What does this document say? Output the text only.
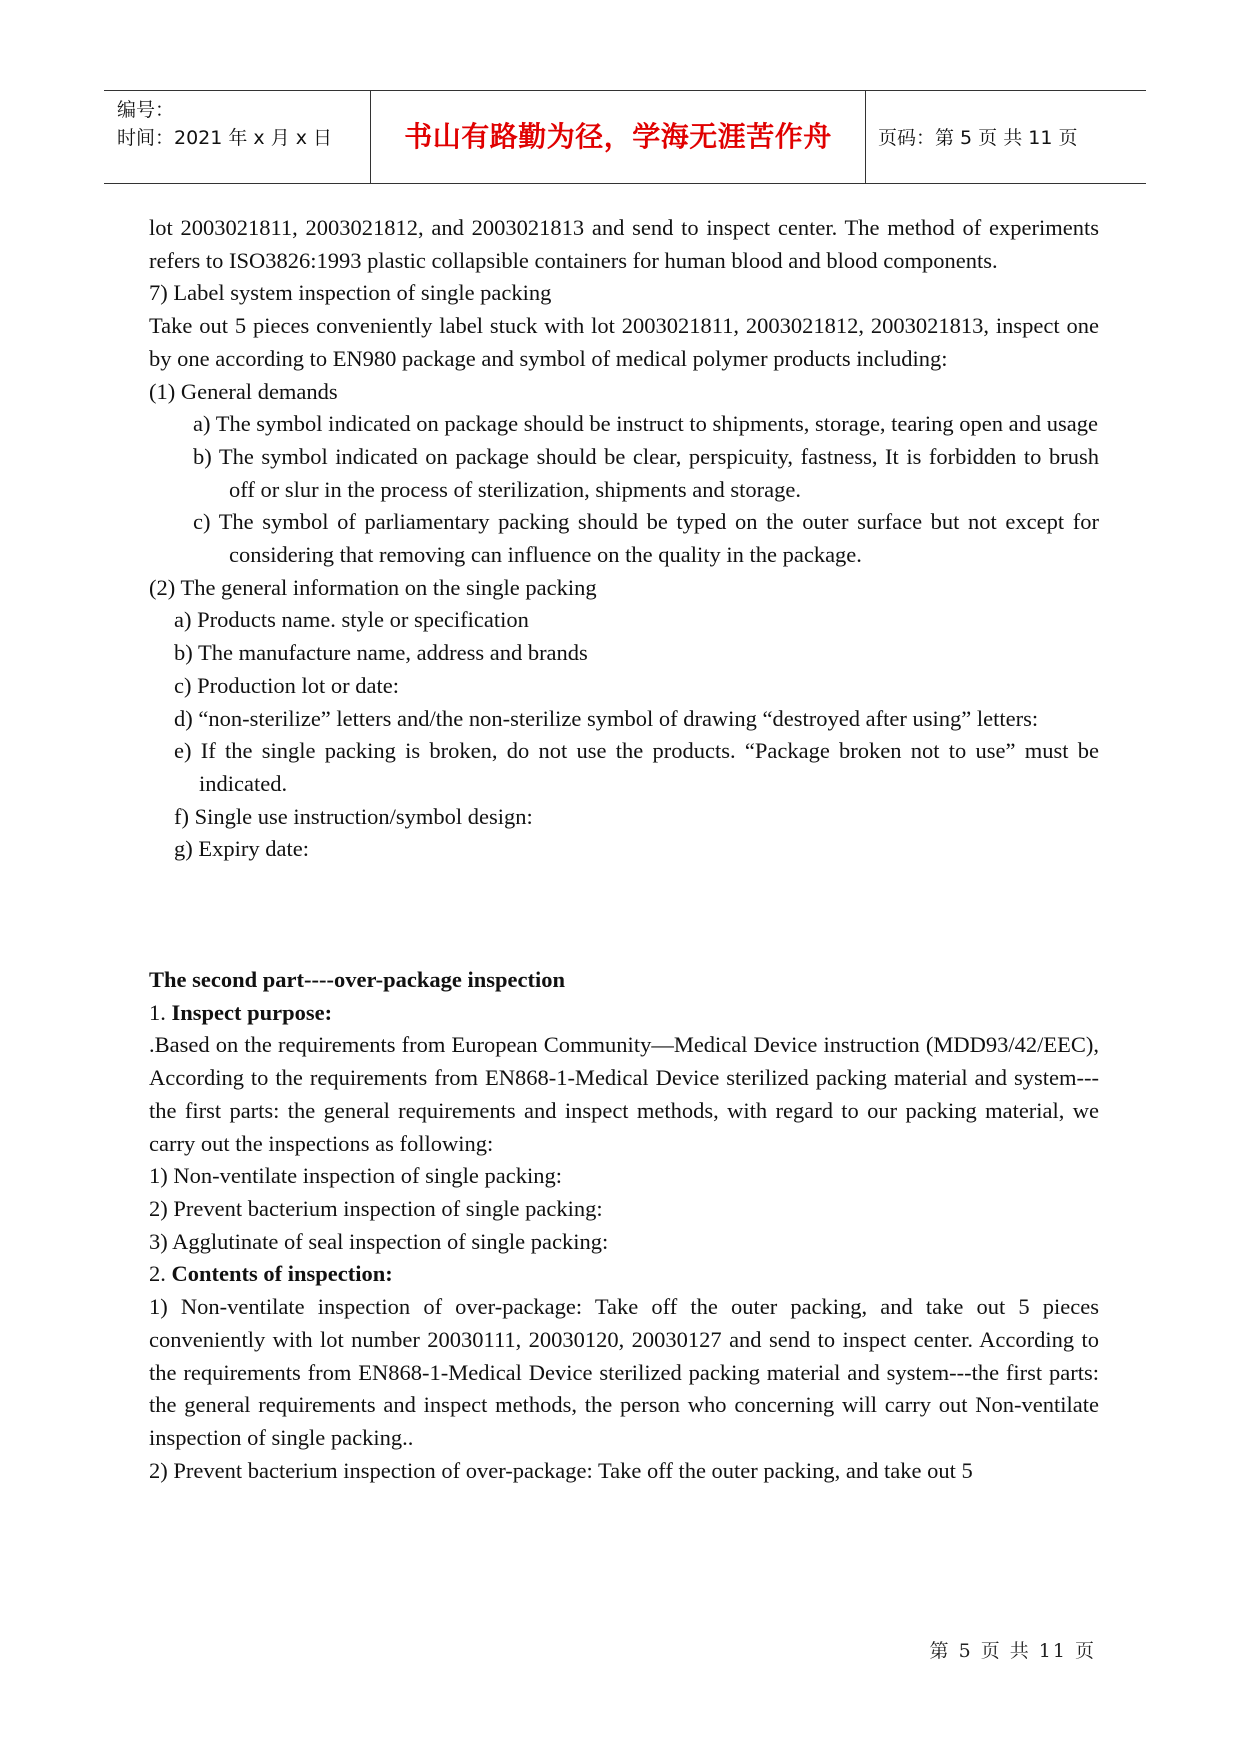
编号：
时间：2021 年 x 月 x 日	书山有路勤为径，学海无涯苦作舟	页码：第 5 页 共 11 页

lot 2003021811, 2003021812, and 2003021813 and send to inspect center. The method of experiments refers to ISO3826:1993 plastic collapsible containers for human blood and blood components.

7) Label system inspection of single packing

Take out 5 pieces conveniently label stuck with lot 2003021811, 2003021812, 2003021813, inspect one by one according to EN980 package and symbol of medical polymer products including:

(1) General demands

a) The symbol indicated on package should be instruct to shipments, storage, tearing open and usage

b) The symbol indicated on package should be clear, perspicuity, fastness, It is forbidden to brush off or slur in the process of sterilization, shipments and storage.

c) The symbol of parliamentary packing should be typed on the outer surface but not except for considering that removing can influence on the quality in the package.

(2) The general information on the single packing

a) Products name. style or specification

b) The manufacture name, address and brands

c) Production lot or date:

d) “non-sterilize” letters and/the non-sterilize symbol of drawing “destroyed after using” letters:

e) If the single packing is broken, do not use the products. “Package broken not to use” must be indicated.

f) Single use instruction/symbol design:

g) Expiry date:

The second part----over-package inspection

1. Inspect purpose:

.Based on the requirements from European Community—Medical Device instruction (MDD93/42/EEC), According to the requirements from EN868-1-Medical Device sterilized packing material and system---the first parts: the general requirements and inspect methods, with regard to our packing material, we carry out the inspections as following:

1) Non-ventilate inspection of single packing:

2) Prevent bacterium inspection of single packing:

3) Agglutinate of seal inspection of single packing:

2. Contents of inspection:

1) Non-ventilate inspection of over-package: Take off the outer packing, and take out 5 pieces conveniently with lot number 20030111, 20030120, 20030127 and send to inspect center. According to the requirements from EN868-1-Medical Device sterilized packing material and system---the first parts: the general requirements and inspect methods, the person who concerning will carry out Non-ventilate inspection of single packing..

2) Prevent bacterium inspection of over-package: Take off the outer packing, and take out 5

第 5 页 共 11 页
